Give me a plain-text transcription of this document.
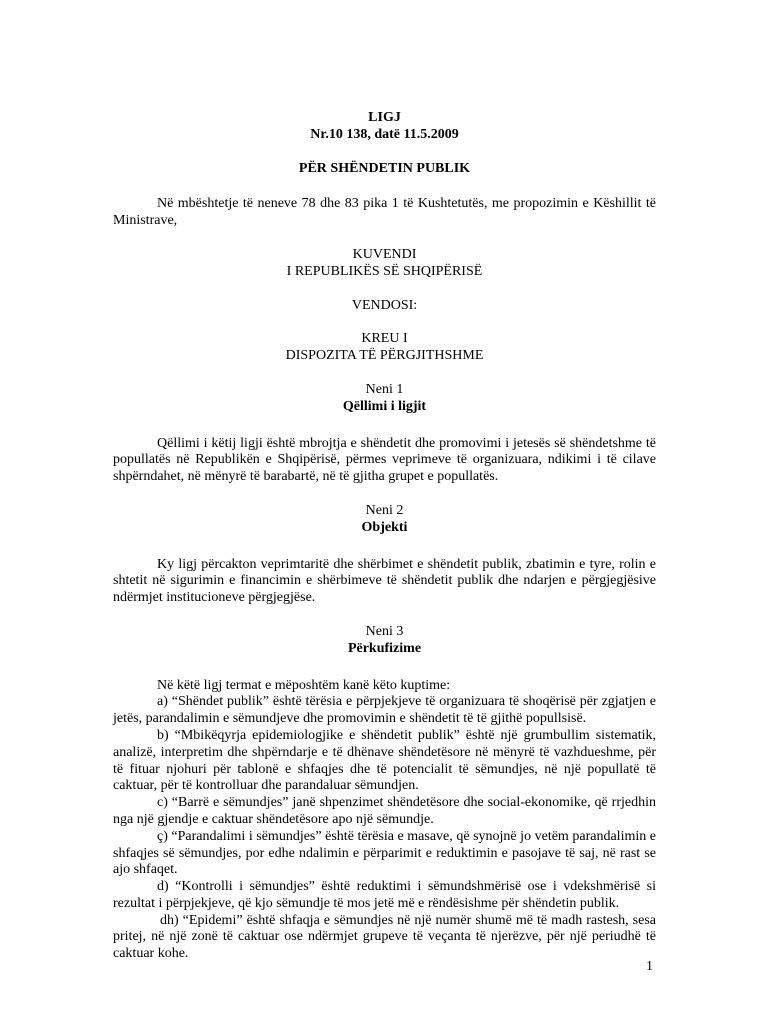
LIGJ

Nr.10 138, datë 11.5.2009

PËR SHËNDETIN PUBLIK

Në mbështetje të neneve 78 dhe 83 pika 1 të Kushtetutës, me propozimin e Këshillit të Ministrave,

KUVENDI

I REPUBLIKËS SË SHQIPËRISË

VENDOSI:

KREU I

DISPOZITA TË PËRGJITHSHME

Neni 1

Qëllimi i ligjit

Qëllimi i këtij ligji është mbrojtja e shëndetit dhe promovimi i jetesës së shëndetshme të popullatës në Republikën e Shqipërisë, përmes veprimeve të organizuara, ndikimi i të cilave shpërndahet, në mënyrë të barabartë, në të gjitha grupet e popullatës.

Neni 2

Objekti

Ky ligj përcakton veprimtaritë dhe shërbimet e shëndetit publik, zbatimin e tyre, rolin e shtetit në sigurimin e financimin e shërbimeve të shëndetit publik dhe ndarjen e përgjegjësive ndërmjet institucioneve përgjegjëse.

Neni 3

Përkufizime

Në këtë ligj termat e mëposhtëm kanë këto kuptime:

a) “Shëndet publik” është tërësia e përpjekjeve të organizuara të shoqërisë për zgjatjen e jetës, parandalimin e sëmundjeve dhe promovimin e shëndetit të të gjithë popullsisë.

b) “Mbikëqyrja epidemiologjike e shëndetit publik” është një grumbullim sistematik, analizë, interpretim dhe shpërndarje e të dhënave shëndetësore në mënyrë të vazhdueshme, për të fituar njohuri për tablonë e shfaqjes dhe të potencialit të sëmundjes, në një popullatë të caktuar, për të kontrolluar dhe parandaluar sëmundjen.

c) “Barrë e sëmundjes” janë shpenzimet shëndetësore dhe social-ekonomike, që rrjedhin nga një gjendje e caktuar shëndetësore apo një sëmundje.

ç) “Parandalimi i sëmundjes” është tërësia e masave, që synojnë jo vetëm parandalimin e shfaqjes së sëmundjes, por edhe ndalimin e përparimit e reduktimin e pasojave të saj, në rast se ajo shfaqet.

d) “Kontrolli i sëmundjes” është reduktimi i sëmundshmërisë ose i vdekshmërisë si rezultat i përpjekjeve, që kjo sëmundje të mos jetë më e rëndësishme për shëndetin publik.

dh) “Epidemi” është shfaqja e sëmundjes në një numër shumë më të madh rastesh, sesa pritej, në një zonë të caktuar ose ndërmjet grupeve të veçanta të njerëzve, për një periudhë të caktuar kohe.

1
